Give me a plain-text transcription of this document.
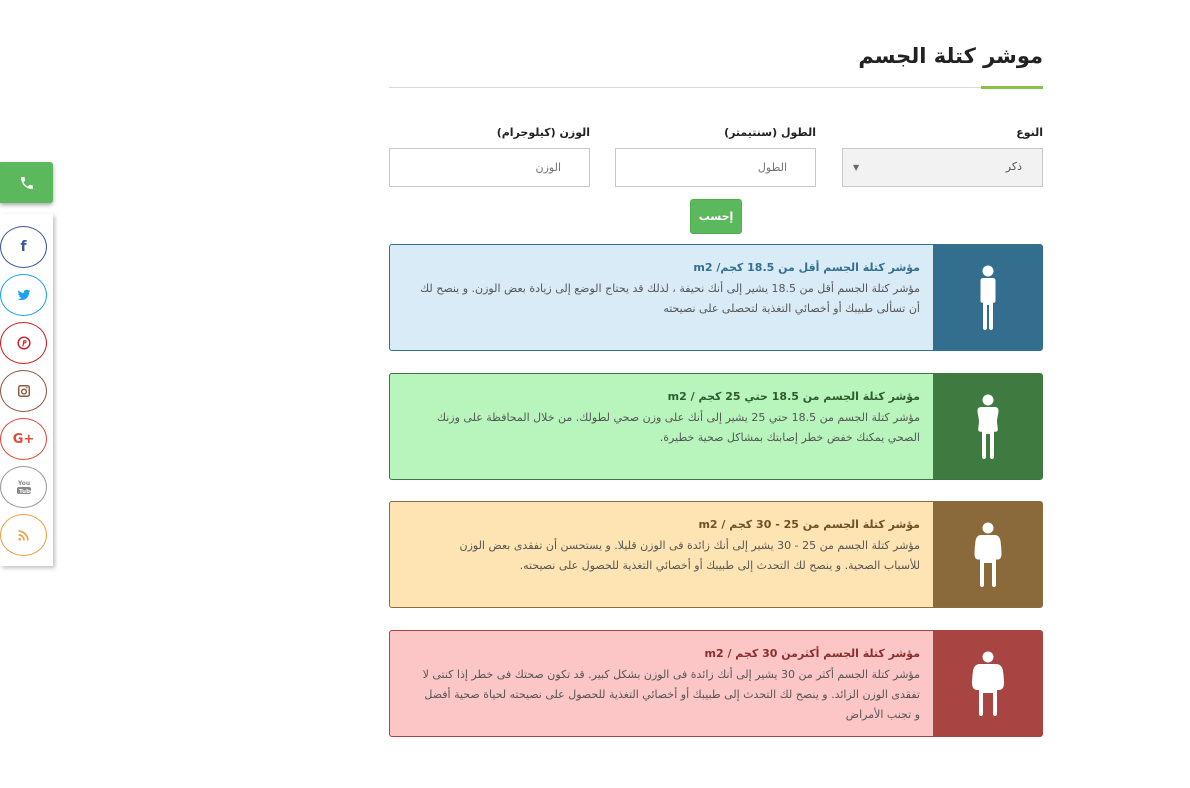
f
G+
You
Tube
موشر كتلة الجسم
النوع
ذكر
▼
الطول (سنتيمتر)
الطول
الوزن (كيلوجرام)
الوزن
إحسب
مؤشر كتلة الجسم أقل من 18.5 كجم/ m2
مؤشر كتلة الجسم أقل من 18.5 يشير إلى أنك نحيفة ، لذلك قد يحتاج الوضع إلى زيادة بعض الوزن. و ينصح لك
أن تسألى طبيبك أو أخصائي التغذية لتحصلى على نصيحته
مؤشر كتلة الجسم من 18.5 حتي 25 كجم / m2
مؤشر كتلة الجسم من 18.5 حتي 25 يشير إلى أنك على وزن صحي لطولك. من خلال المحافظة على وزنك
الصحي يمكنك خفض خطر إصابتك بمشاكل صحية خطيرة.
مؤشر كتلة الجسم من 25 - 30 كجم / m2
مؤشر كتلة الجسم من 25 - 30 يشير إلى أنك زائدة فى الوزن قليلا. و يستحسن أن تفقدى بعض الوزن
للأسباب الصحية. و ينصح لك التحدث إلى طبيبك أو أخصائي التغذية للحصول على نصيحته.
مؤشر كتلة الجسم أكثرمن 30 كجم / m2
مؤشر كتلة الجسم أكثر من 30 يشير إلى أنك زائدة فى الوزن بشكل كبير. قد تكون صحتك فى خطر إذا كنتى لا
تفقدى الوزن الزائد. و ينصح لك التحدث إلى طبيبك أو أخصائي التغذية للحصول على نصيحته لحياة صحية أفضل
و تجنب الأمراض
